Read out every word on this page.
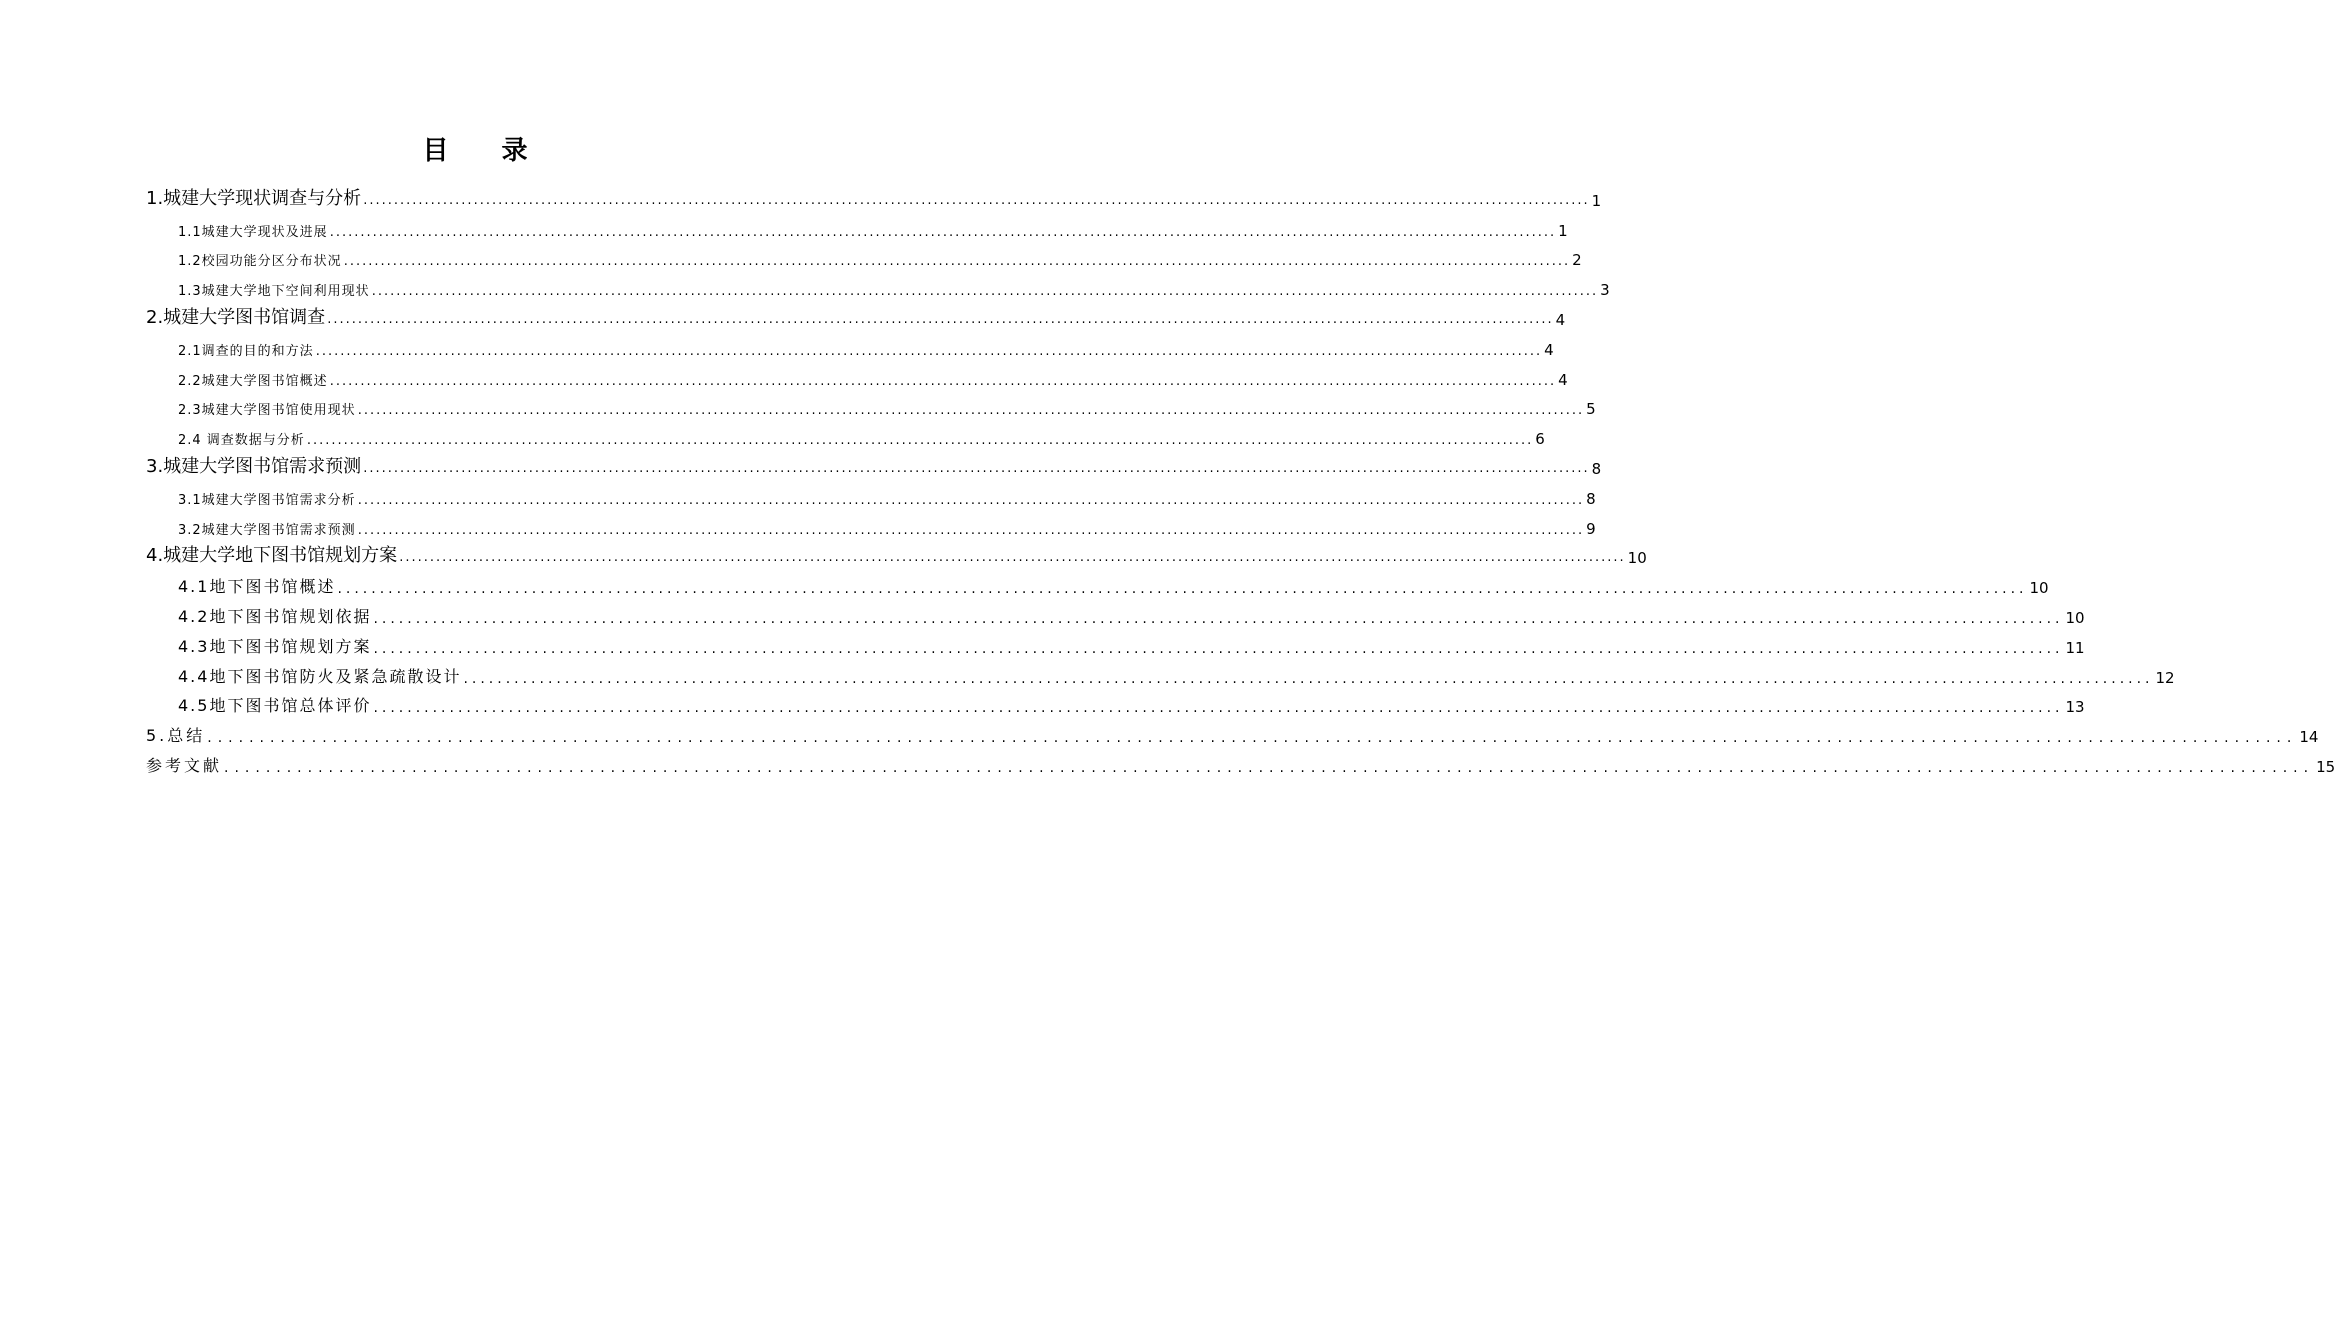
目 录
1.城建大学现状调查与分析 ........................................................................................................................................................................................................ 1
1.1城建大学现状及进展 ........................................................................................................................................................................................................ 1
1.2校园功能分区分布状况 ........................................................................................................................................................................................................ 2
1.3城建大学地下空间利用现状 ........................................................................................................................................................................................................ 3
2.城建大学图书馆调查 ........................................................................................................................................................................................................ 4
2.1调查的目的和方法 ........................................................................................................................................................................................................ 4
2.2城建大学图书馆概述 ........................................................................................................................................................................................................ 4
2.3城建大学图书馆使用现状 ........................................................................................................................................................................................................ 5
2.4 调查数据与分析 ........................................................................................................................................................................................................ 6
3.城建大学图书馆需求预测 ........................................................................................................................................................................................................ 8
3.1城建大学图书馆需求分析 ........................................................................................................................................................................................................ 8
3.2城建大学图书馆需求预测 ........................................................................................................................................................................................................ 9
4.城建大学地下图书馆规划方案 ........................................................................................................................................................................................................ 10
4.1地下图书馆概述 ........................................................................................................................................................................................................ 10
4.2地下图书馆规划依据 ........................................................................................................................................................................................................ 10
4.3地下图书馆规划方案 ........................................................................................................................................................................................................ 11
4.4地下图书馆防火及紧急疏散设计 ........................................................................................................................................................................................................ 12
4.5地下图书馆总体评价 ........................................................................................................................................................................................................ 13
5.总结 ........................................................................................................................................................................................................ 14
参考文献 ........................................................................................................................................................................................................ 15
